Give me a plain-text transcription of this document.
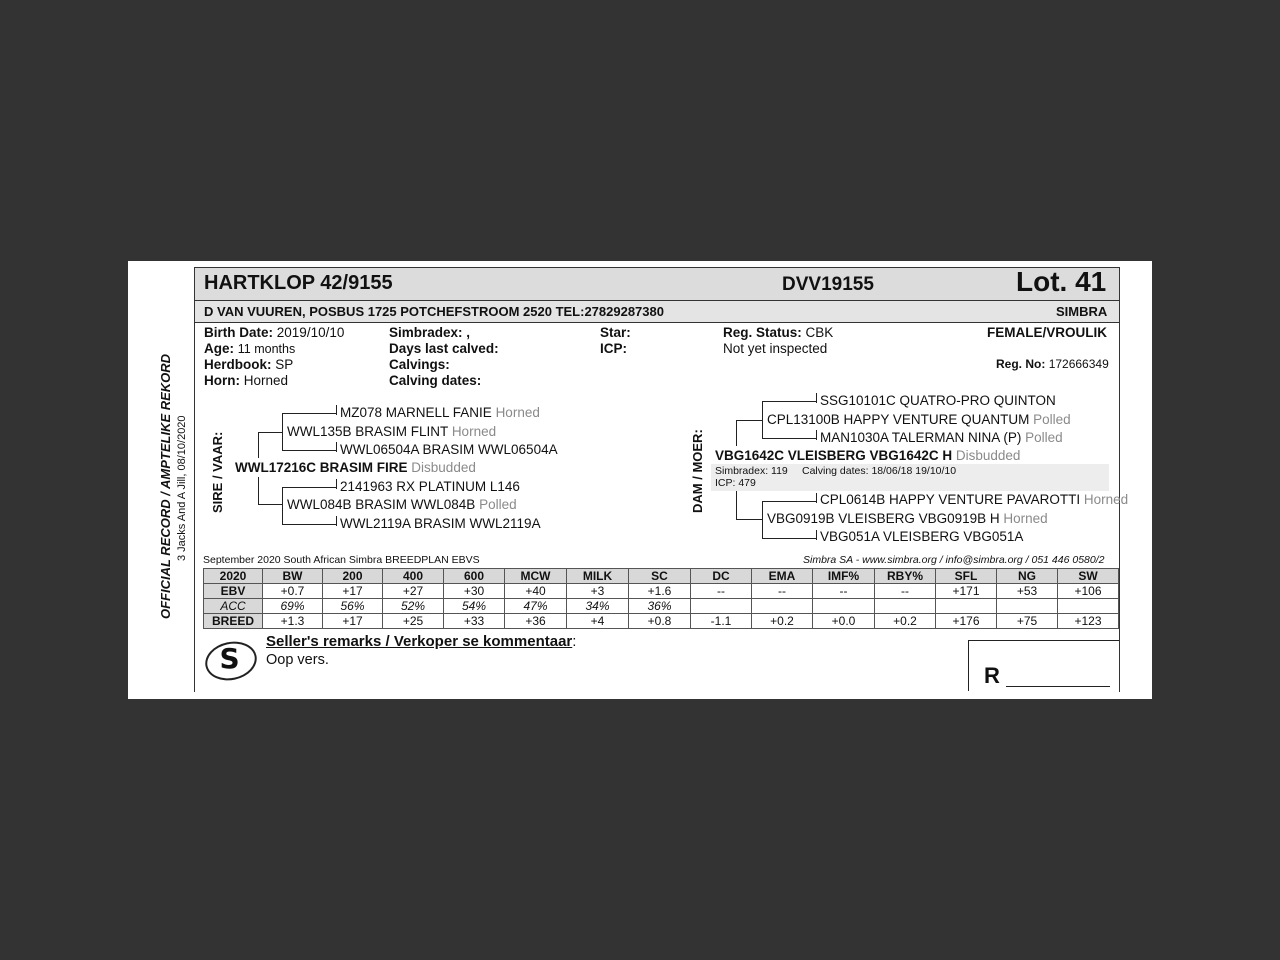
OFFICIAL RECORD / AMPTELIKE REKORD 3 Jacks And A Jill, 08/10/2020
HARTKLOP 42/9155	DVV19155	Lot. 41
D VAN VUUREN, POSBUS 1725 POTCHEFSTROOM 2520 TEL:27829287380	SIMBRA
Birth Date: 2019/10/10
Age: 11 months
Herdbook: SP
Horn: Horned
Simbradex: ,
Days last calved:
Calvings:
Calving dates:
Star:
ICP:
Reg. Status: CBK
Not yet inspected
FEMALE/VROULIK
Reg. No: 172666349
SIRE / VAAR:
MZ078 MARNELL FANIE Horned
WWL06504A BRASIM WWL06504A
WWL135B BRASIM FLINT Horned
WWL17216C BRASIM FIRE Disbudded
2141963 RX PLATINUM L146
WWL084B BRASIM WWL084B Polled
WWL2119A BRASIM WWL2119A
DAM / MOER:
SSG10101C QUATRO-PRO QUINTON
MAN1030A TALERMAN NINA (P) Polled
CPL13100B HAPPY VENTURE QUANTUM Polled
VBG1642C VLEISBERG VBG1642C H Disbudded
Simbradex: 119 Calving dates: 18/06/18 19/10/10
ICP: 479
CPL0614B HAPPY VENTURE PAVAROTTI Horned
VBG0919B VLEISBERG VBG0919B H Horned
VBG051A VLEISBERG VBG051A
September 2020 South African Simbra BREEDPLAN EBVS	Simbra SA - www.simbra.org / info@simbra.org / 051 446 0580/2
2020	BW	200	400	600	MCW	MILK	SC	DC	EMA	IMF%	RBY%	SFL	NG	SW
EBV	+0.7	+17	+27	+30	+40	+3	+1.6	--	--	--	--	+171	+53	+106
ACC	69%	56%	52%	54%	47%	34%	36%							
BREED	+1.3	+17	+25	+33	+36	+4	+0.8	-1.1	+0.2	+0.0	+0.2	+176	+75	+123
S
Seller's remarks / Verkoper se kommentaar:
Oop vers.
R
